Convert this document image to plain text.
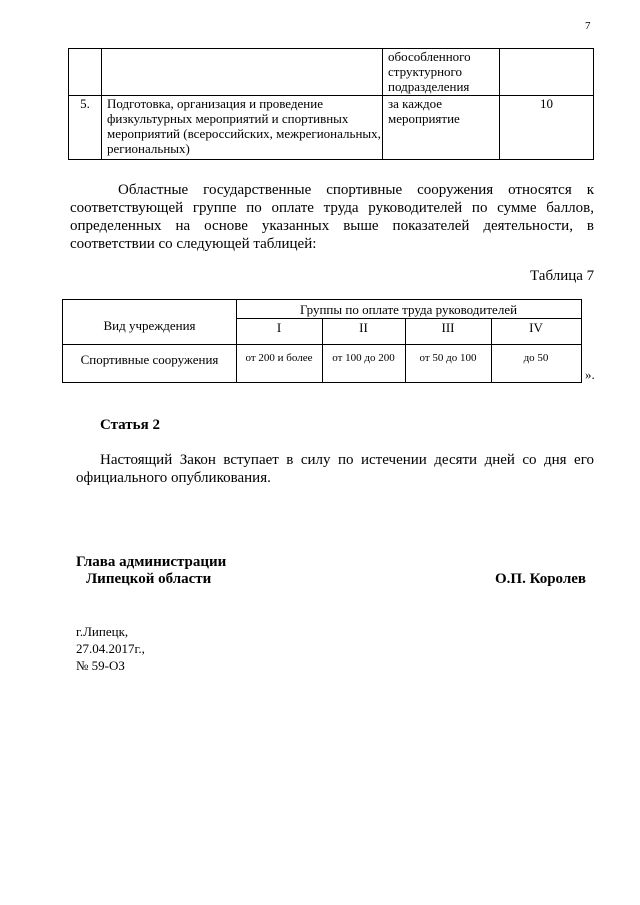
7
		обособленного структурного подразделения	
5.	Подготовка, организация и проведение физкультурных мероприятий и спортивных мероприятий (всероссийских, межрегиональных, региональных)	за каждое мероприятие	10
Областные государственные спортивные сооружения относятся к соответствующей группе по оплате труда руководителей по сумме баллов, определенных на основе указанных выше показателей деятельности, в соответствии со следующей таблицей:
Таблица 7
Вид учреждения
Группы по оплате труда руководителей
I	II	III	IV
Спортивные сооружения	от 200 и более	от 100 до 200	от 50 до 100	до 50
».
Статья 2
Настоящий Закон вступает в силу по истечении десяти дней со дня его официального опубликования.
Глава администрации
Липецкой области	О.П. Королев
г.Липецк,
27.04.2017г.,
№ 59-ОЗ
